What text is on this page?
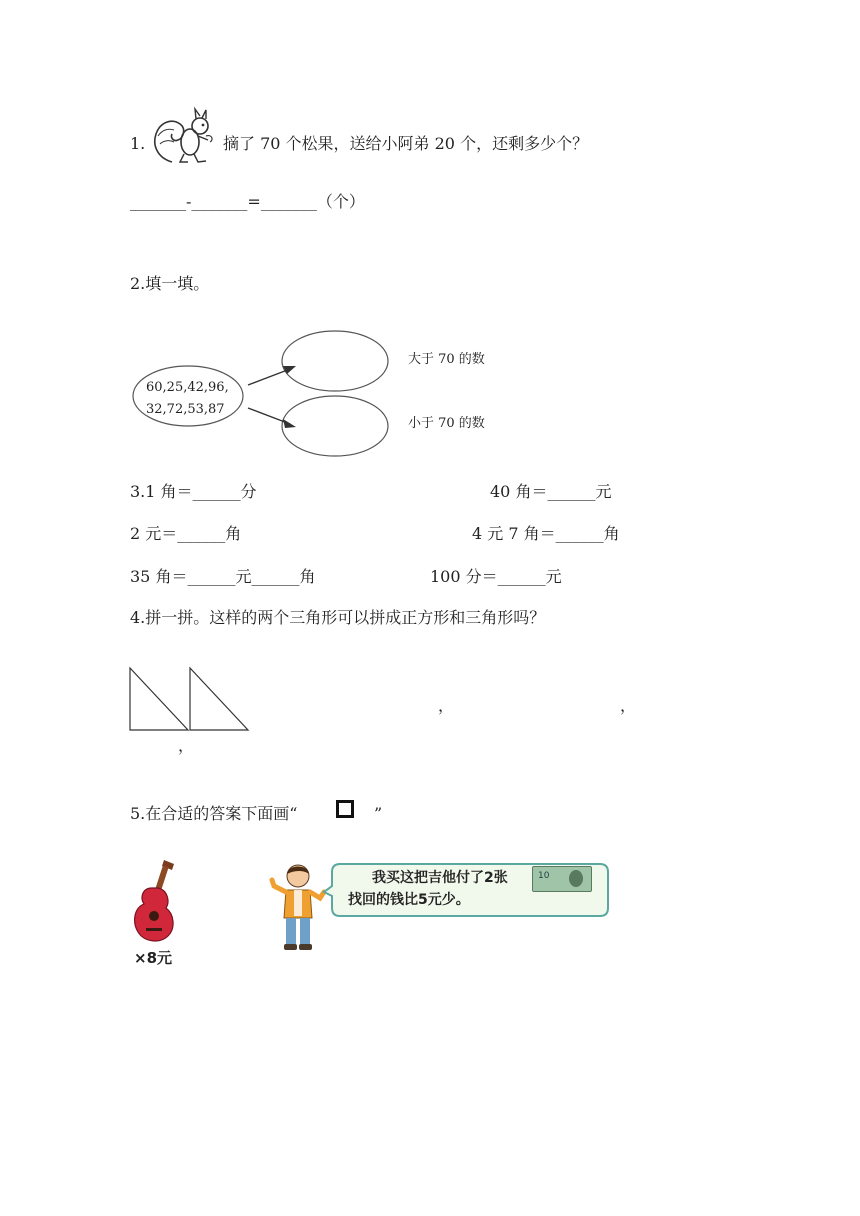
1.	摘了 70 个松果，送给小阿弟 20 个，还剩多少个？
_______-_______=_______（个）
2.填一填。
60,25,42,96,
32,72,53,87
大于 70 的数
小于 70 的数
3.1 角＝______分	40 角＝______元
2 元＝______角	4 元 7 角＝______角
35 角＝______元______角	100 分＝______元
4.拼一拼。这样的两个三角形可以拼成正方形和三角形吗？
，	，
，
5.在合适的答案下面画“	”
×8元
我买这把吉他付了2张	10
找回的钱比5元少。
